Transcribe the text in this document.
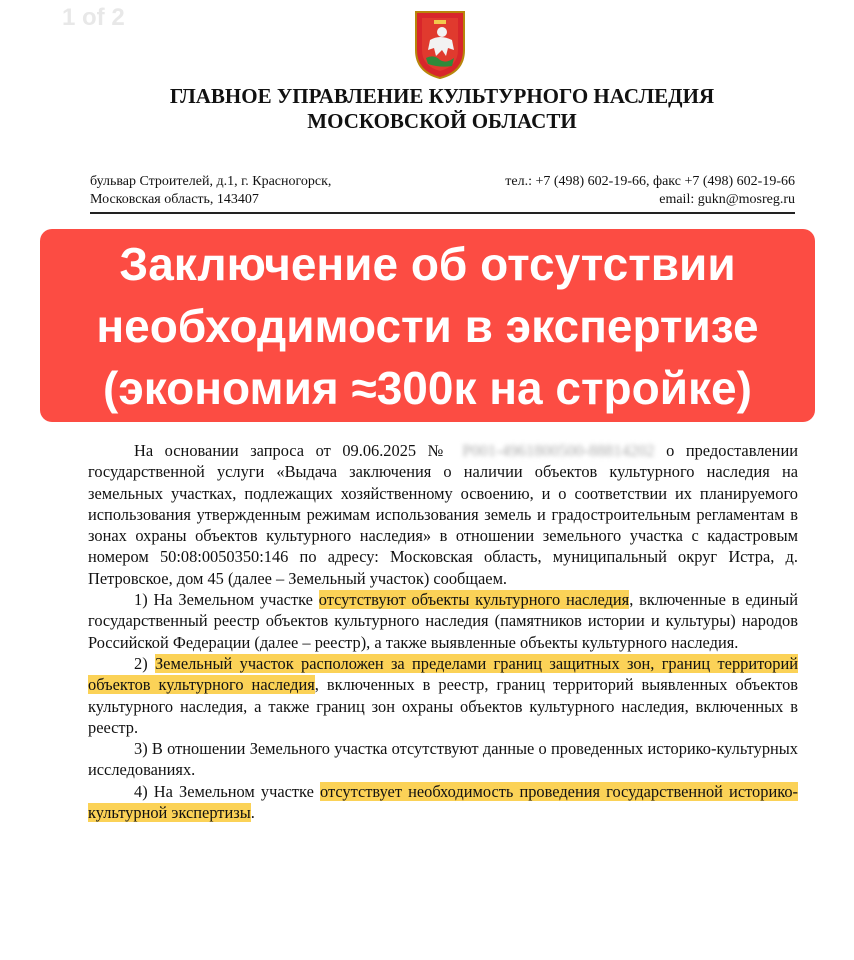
1 of 2
ГЛАВНОЕ УПРАВЛЕНИЕ КУЛЬТУРНОГО НАСЛЕДИЯ
МОСКОВСКОЙ ОБЛАСТИ
бульвар Строителей, д.1, г. Красногорск,
Московская область, 143407
тел.: +7 (498) 602-19-66, факс +7 (498) 602-19-66
email: gukn@mosreg.ru
Заключение об отсутствии
необходимости в экспертизе
(экономия ≈300к на стройке)

На основании запроса от 09.06.2025 № Р001-4961800500-88814202 о предоставлении государственной услуги «Выдача заключения о наличии объектов культурного наследия на земельных участках, подлежащих хозяйственному освоению, и о соответствии их планируемого использования утвержденным режимам использования земель и градостроительным регламентам в зонах охраны объектов культурного наследия» в отношении земельного участка с кадастровым номером 50:08:0050350:146 по адресу: Московская область, муниципальный округ Истра, д. Петровское, дом 45 (далее – Земельный участок) сообщаем.

1) На Земельном участке отсутствуют объекты культурного наследия, включенные в единый государственный реестр объектов культурного наследия (памятников истории и культуры) народов Российской Федерации (далее – реестр), а также выявленные объекты культурного наследия.

2) Земельный участок расположен за пределами границ защитных зон, границ территорий объектов культурного наследия, включенных в реестр, границ территорий выявленных объектов культурного наследия, а также границ зон охраны объектов культурного наследия, включенных в реестр.

3) В отношении Земельного участка отсутствуют данные о проведенных историко-культурных исследованиях.

4) На Земельном участке отсутствует необходимость проведения государственной историко-культурной экспертизы.
